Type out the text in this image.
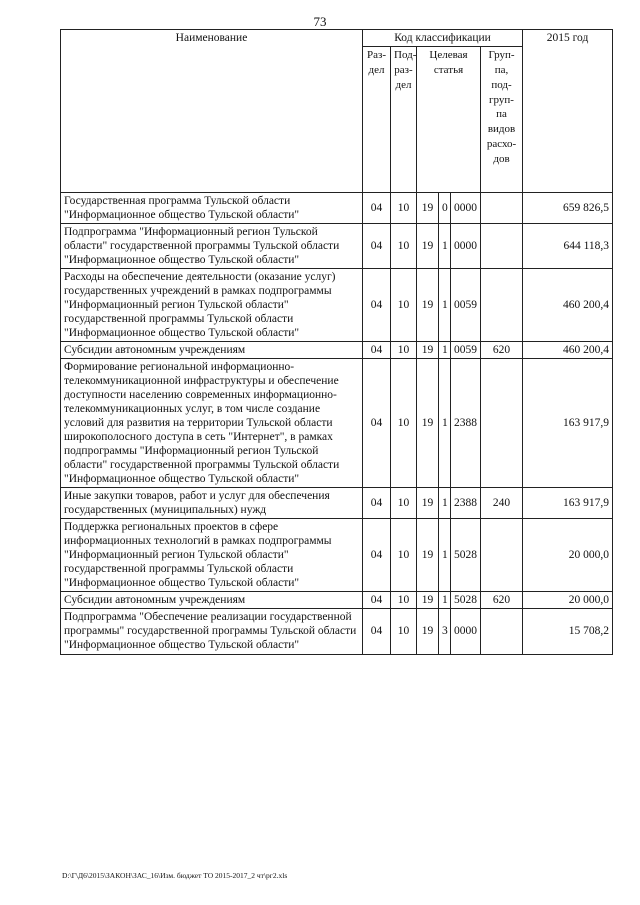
73
Наименование	Код классификации						2015 год
	Раз-дел	Под-раз-дел	Целевая статья			Груп-па, под-груп-па видов расхо-дов	
Государственная программа Тульской области "Информационное общество Тульской области"	04	10	19	0	0000		659 826,5
Подпрограмма "Информационный регион Тульской области" государственной программы Тульской области "Информационное общество Тульской области"	04	10	19	1	0000		644 118,3
Расходы на обеспечение деятельности (оказание услуг) государственных учреждений в рамках подпрограммы "Информационный регион Тульской области" государственной программы Тульской области "Информационное общество Тульской области"	04	10	19	1	0059		460 200,4
Субсидии автономным учреждениям	04	10	19	1	0059	620	460 200,4
Формирование региональной информационно-телекоммуникационной инфраструктуры и обеспечение доступности населению современных информационно-телекоммуникационных услуг, в том числе создание условий для развития на территории Тульской области широкополосного доступа в сеть "Интернет", в рамках подпрограммы "Информационный регион Тульской области" государственной программы Тульской области "Информационное общество Тульской области"	04	10	19	1	2388		163 917,9
Иные закупки товаров, работ и услуг для обеспечения государственных (муниципальных) нужд	04	10	19	1	2388	240	163 917,9
Поддержка региональных проектов в сфере информационных технологий в рамках подпрограммы "Информационный регион Тульской области" государственной программы Тульской области "Информационное общество Тульской области"	04	10	19	1	5028		20 000,0
Субсидии автономным учреждениям	04	10	19	1	5028	620	20 000,0
Подпрограмма "Обеспечение реализации государственной программы" государственной программы Тульской области "Информационное общество Тульской области"	04	10	19	3	0000		15 708,2
D:\Г\Д6\2015\ЗАКОН\ЗАС_16\Изм. бюджет ТО 2015-2017_2 чт\рг2.xls
